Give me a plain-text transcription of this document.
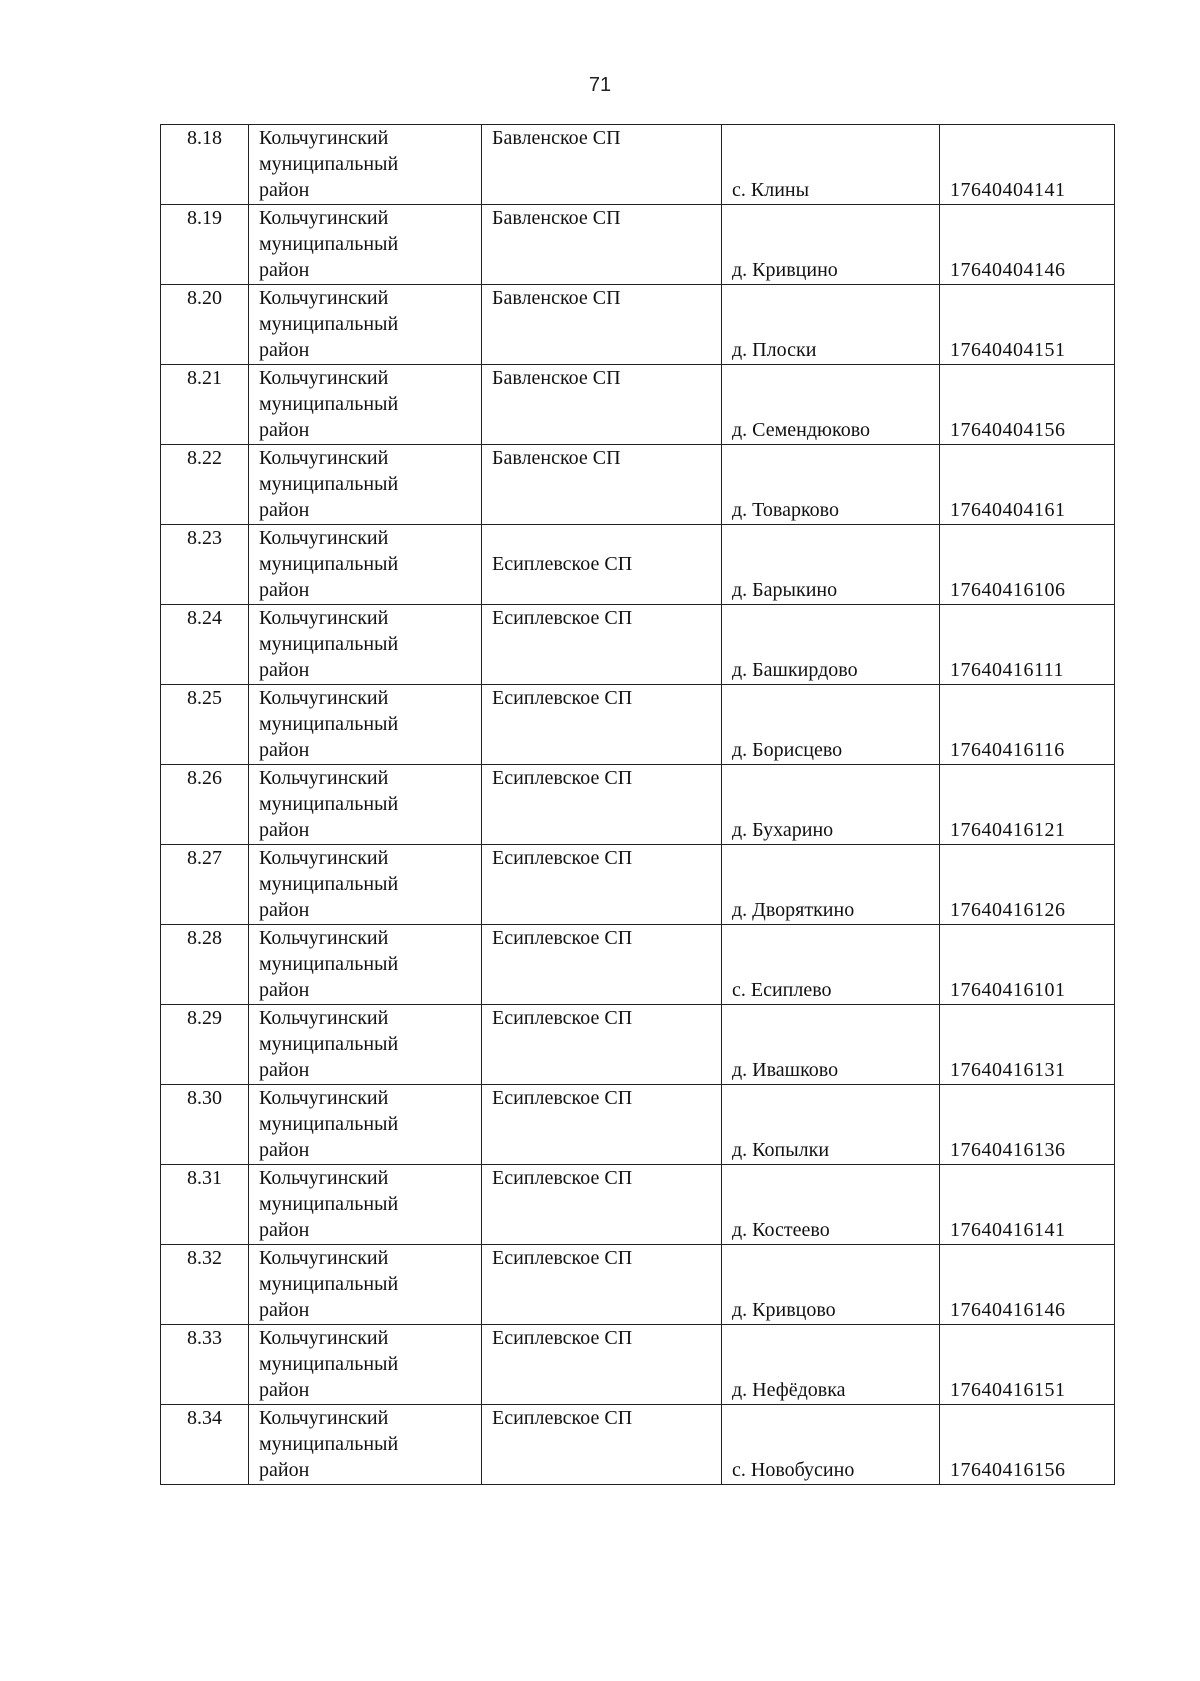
71
8.18	Кольчугинский
муниципальный
район	Бавленское СП	с. Клины	17640404141

8.19	Кольчугинский
муниципальный
район	Бавленское СП	д. Кривцино	17640404146

8.20	Кольчугинский
муниципальный
район	Бавленское СП	д. Плоски	17640404151

8.21	Кольчугинский
муниципальный
район	Бавленское СП	д. Семендюково	17640404156

8.22	Кольчугинский
муниципальный
район	Бавленское СП	д. Товарково	17640404161

8.23	Кольчугинский
муниципальный
район	Есиплевское СП	д. Барыкино	17640416106

8.24	Кольчугинский
муниципальный
район	Есиплевское СП	д. Башкирдово	17640416111

8.25	Кольчугинский
муниципальный
район	Есиплевское СП	д. Борисцево	17640416116

8.26	Кольчугинский
муниципальный
район	Есиплевское СП	д. Бухарино	17640416121

8.27	Кольчугинский
муниципальный
район	Есиплевское СП	д. Дворяткино	17640416126

8.28	Кольчугинский
муниципальный
район	Есиплевское СП	с. Есиплево	17640416101

8.29	Кольчугинский
муниципальный
район	Есиплевское СП	д. Ивашково	17640416131

8.30	Кольчугинский
муниципальный
район	Есиплевское СП	д. Копылки	17640416136

8.31	Кольчугинский
муниципальный
район	Есиплевское СП	д. Костеево	17640416141

8.32	Кольчугинский
муниципальный
район	Есиплевское СП	д. Кривцово	17640416146

8.33	Кольчугинский
муниципальный
район	Есиплевское СП	д. Нефёдовка	17640416151

8.34	Кольчугинский
муниципальный
район	Есиплевское СП	с. Новобусино	17640416156
